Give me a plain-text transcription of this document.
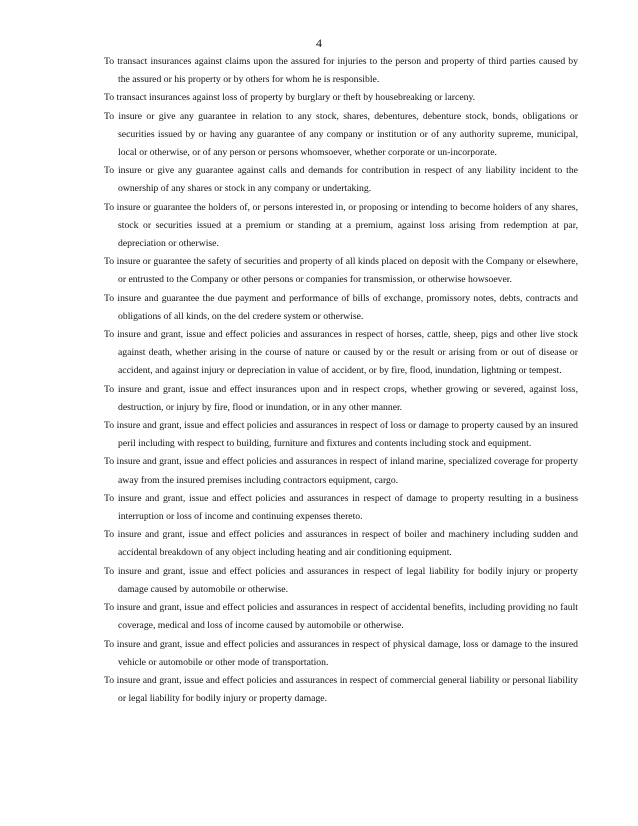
4

To transact insurances against claims upon the assured for injuries to the person and property of third parties caused by the assured or his property or by others for whom he is responsible.

To transact insurances against loss of property by burglary or theft by housebreaking or larceny.

To insure or give any guarantee in relation to any stock, shares, debentures, debenture stock, bonds, obligations or securities issued by or having any guarantee of any company or institution or of any authority supreme, municipal, local or otherwise, or of any person or persons whomsoever, whether corporate or un-incorporate.

To insure or give any guarantee against calls and demands for contribution in respect of any liability incident to the ownership of any shares or stock in any company or undertaking.

To insure or guarantee the holders of, or persons interested in, or proposing or intending to become holders of any shares, stock or securities issued at a premium or standing at a premium, against loss arising from redemption at par, depreciation or otherwise.

To insure or guarantee the safety of securities and property of all kinds placed on deposit with the Company or elsewhere, or entrusted to the Company or other persons or companies for transmission, or otherwise howsoever.

To insure and guarantee the due payment and performance of bills of exchange, promissory notes, debts, contracts and obligations of all kinds, on the del credere system or otherwise.

To insure and grant, issue and effect policies and assurances in respect of horses, cattle, sheep, pigs and other live stock against death, whether arising in the course of nature or caused by or the result or arising from or out of disease or accident, and against injury or depreciation in value of accident, or by fire, flood, inundation, lightning or tempest.

To insure and grant, issue and effect insurances upon and in respect crops, whether growing or severed, against loss, destruction, or injury by fire, flood or inundation, or in any other manner.

To insure and grant, issue and effect policies and assurances in respect of loss or damage to property caused by an insured peril including with respect to building, furniture and fixtures and contents including stock and equipment.

To insure and grant, issue and effect policies and assurances in respect of inland marine, specialized coverage for property away from the insured premises including contractors equipment, cargo.

To insure and grant, issue and effect policies and assurances in respect of damage to property resulting in a business interruption or loss of income and continuing expenses thereto.

To insure and grant, issue and effect policies and assurances in respect of boiler and machinery including sudden and accidental breakdown of any object including heating and air conditioning equipment.

To insure and grant, issue and effect policies and assurances in respect of legal liability for bodily injury or property damage caused by automobile or otherwise.

To insure and grant, issue and effect policies and assurances in respect of accidental benefits, including providing no fault coverage, medical and loss of income caused by automobile or otherwise.

To insure and grant, issue and effect policies and assurances in respect of physical damage, loss or damage to the insured vehicle or automobile or other mode of transportation.

To insure and grant, issue and effect policies and assurances in respect of commercial general liability or personal liability or legal liability for bodily injury or property damage.
